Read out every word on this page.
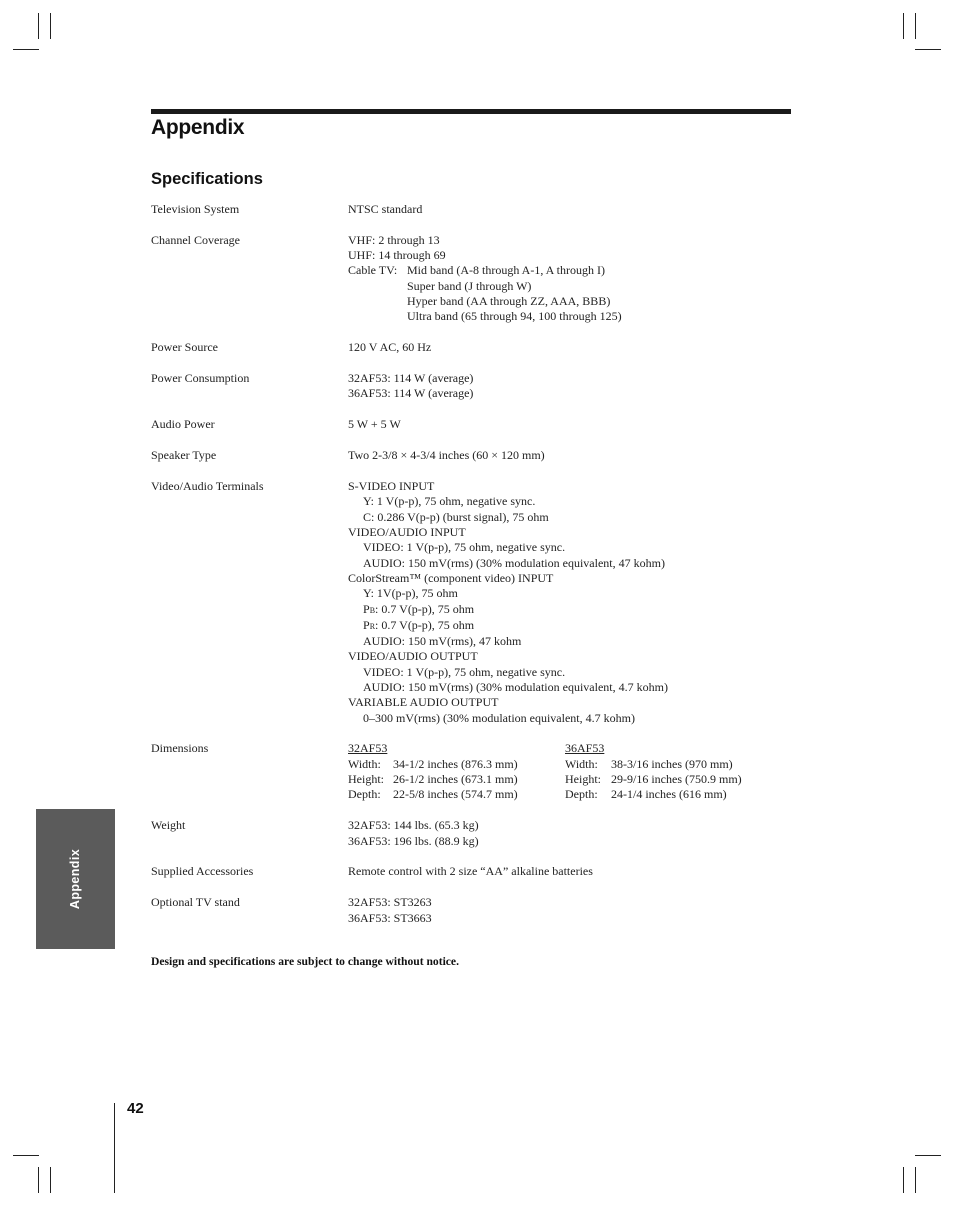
Appendix
Specifications
Television System	NTSC standard
Channel Coverage	VHF: 2 through 13
UHF: 14 through 69
Cable TV: Mid band (A-8 through A-1, A through I)
Super band (J through W)
Hyper band (AA through ZZ, AAA, BBB)
Ultra band (65 through 94, 100 through 125)
Power Source	120 V AC, 60 Hz
Power Consumption	32AF53: 114 W (average)
36AF53: 114 W (average)
Audio Power	5 W + 5 W
Speaker Type	Two 2-3/8 × 4-3/4 inches (60 × 120 mm)
Video/Audio Terminals	S-VIDEO INPUT
Y: 1 V(p-p), 75 ohm, negative sync.
C: 0.286 V(p-p) (burst signal), 75 ohm
VIDEO/AUDIO INPUT
VIDEO: 1 V(p-p), 75 ohm, negative sync.
AUDIO: 150 mV(rms) (30% modulation equivalent, 47 kohm)
ColorStream™ (component video) INPUT
Y: 1V(p-p), 75 ohm
PB: 0.7 V(p-p), 75 ohm
PR: 0.7 V(p-p), 75 ohm
AUDIO: 150 mV(rms), 47 kohm
VIDEO/AUDIO OUTPUT
VIDEO: 1 V(p-p), 75 ohm, negative sync.
AUDIO: 150 mV(rms) (30% modulation equivalent, 4.7 kohm)
VARIABLE AUDIO OUTPUT
0–300 mV(rms) (30% modulation equivalent, 4.7 kohm)
Dimensions	32AF53
Width:	34-1/2 inches (876.3 mm)
Height: 26-1/2 inches (673.1 mm)
Depth:	22-5/8 inches (574.7 mm)
36AF53
Width:	38-3/16 inches (970 mm)
Height: 29-9/16 inches (750.9 mm)
Depth:	24-1/4 inches (616 mm)
Weight	32AF53: 144 lbs. (65.3 kg)
36AF53: 196 lbs. (88.9 kg)
Supplied Accessories	Remote control with 2 size “AA” alkaline batteries
Optional TV stand	32AF53: ST3263
36AF53: ST3663

Design and specifications are subject to change without notice.

Appendix

42
